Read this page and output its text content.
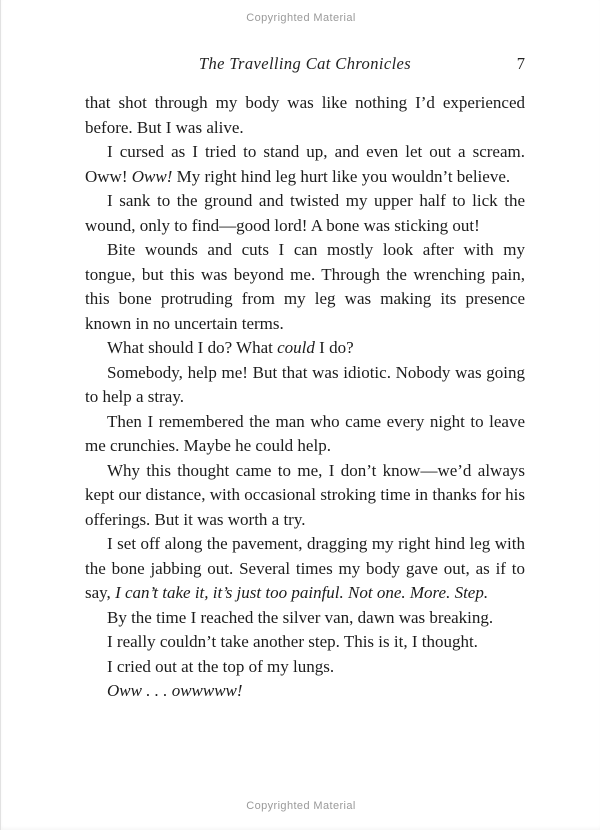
Copyrighted Material
The Travelling Cat Chronicles	7

that shot through my body was like nothing I’d experienced before. But I was alive.

I cursed as I tried to stand up, and even let out a scream. Oww! Oww! My right hind leg hurt like you wouldn’t believe.

I sank to the ground and twisted my upper half to lick the wound, only to find—good lord! A bone was sticking out!

Bite wounds and cuts I can mostly look after with my tongue, but this was beyond me. Through the wrenching pain, this bone protruding from my leg was making its presence known in no uncertain terms.

What should I do? What could I do?

Somebody, help me! But that was idiotic. Nobody was going to help a stray.

Then I remembered the man who came every night to leave me crunchies. Maybe he could help.

Why this thought came to me, I don’t know—we’d always kept our distance, with occasional stroking time in thanks for his offerings. But it was worth a try.

I set off along the pavement, dragging my right hind leg with the bone jabbing out. Several times my body gave out, as if to say, I can’t take it, it’s just too painful. Not one. More. Step.

By the time I reached the silver van, dawn was breaking.

I really couldn’t take another step. This is it, I thought.

I cried out at the top of my lungs.

Oww . . . owwwww!

Copyrighted Material
